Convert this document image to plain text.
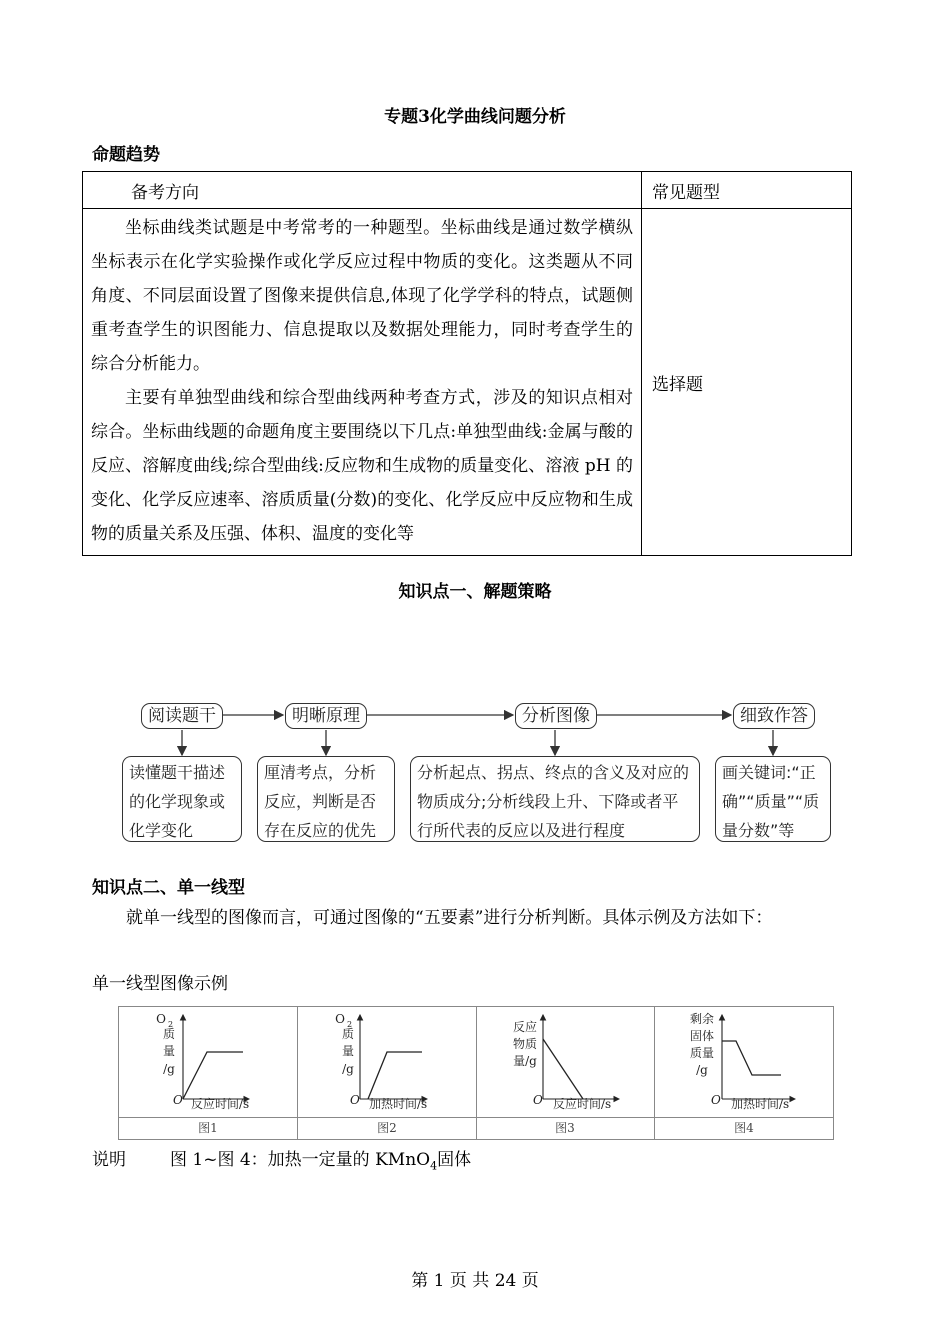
专题3化学曲线问题分析
命题趋势
备考方向	常见题型

坐标曲线类试题是中考常考的一种题型。坐标曲线是通过数学横纵坐标表示在化学实验操作或化学反应过程中物质的变化。这类题从不同角度、不同层面设置了图像来提供信息,体现了化学学科的特点，试题侧重考查学生的识图能力、信息提取以及数据处理能力，同时考查学生的综合分析能力。

主要有单独型曲线和综合型曲线两种考查方式，涉及的知识点相对综合。坐标曲线题的命题角度主要围绕以下几点:单独型曲线:金属与酸的反应、溶解度曲线;综合型曲线:反应物和生成物的质量变化、溶液 pH 的变化、化学反应速率、溶质质量(分数)的变化、化学反应中反应物和生成物的质量关系及压强、体积、温度的变化等	选择题
知识点一、解题策略
阅读题干	明晰原理	分析图像	细致作答
读懂题干描述的化学现象或化学变化
厘清考点，分析反应，判断是否存在反应的优先
分析起点、拐点、终点的含义及对应的物质成分;分析线段上升、下降或者平行所代表的反应以及进行程度
画关键词:“正确”“质量”“质量分数”等
知识点二、单一线型
就单一线型的图像而言，可通过图像的“五要素”进行分析判断。具体示例及方法如下：
单一线型图像示例
O 2
质
量
/g
O 反应时间/s
O 2
质
量
/g
O 加热时间/s
反应
物质
量/g
O 反应时间/s
剩余
固体
质量
/g
O 加热时间/s
图1	图2	图3	图4
说明	图 1~图 4：加热一定量的 KMnO$_4$固体
第 1 页 共 24 页
